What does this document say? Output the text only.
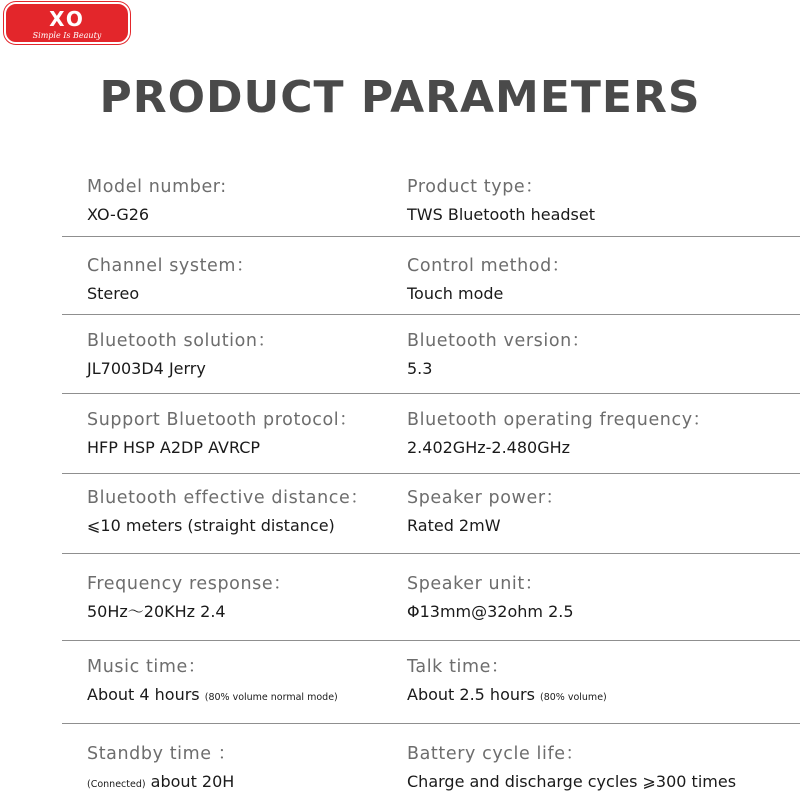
XO
Simple Is Beauty
PRODUCT PARAMETERS
Model number:
XO-G26
Product type：
TWS Bluetooth headset
Channel system：
Stereo
Control method：
Touch mode
Bluetooth solution：
JL7003D4 Jerry
Bluetooth version：
5.3
Support Bluetooth protocol：
HFP HSP A2DP AVRCP
Bluetooth operating frequency：
2.402GHz-2.480GHz
Bluetooth effective distance：
⩽10 meters (straight distance)
Speaker power：
Rated 2mW
Frequency response：
50Hz～20KHz 2.4
Speaker unit：
Φ13mm@32ohm 2.5
Music time：
About 4 hours (80% volume normal mode)
Talk time：
About 2.5 hours (80% volume)
Standby time ：
(Connected) about 20H
Battery cycle life：
Charge and discharge cycles ⩾300 times
